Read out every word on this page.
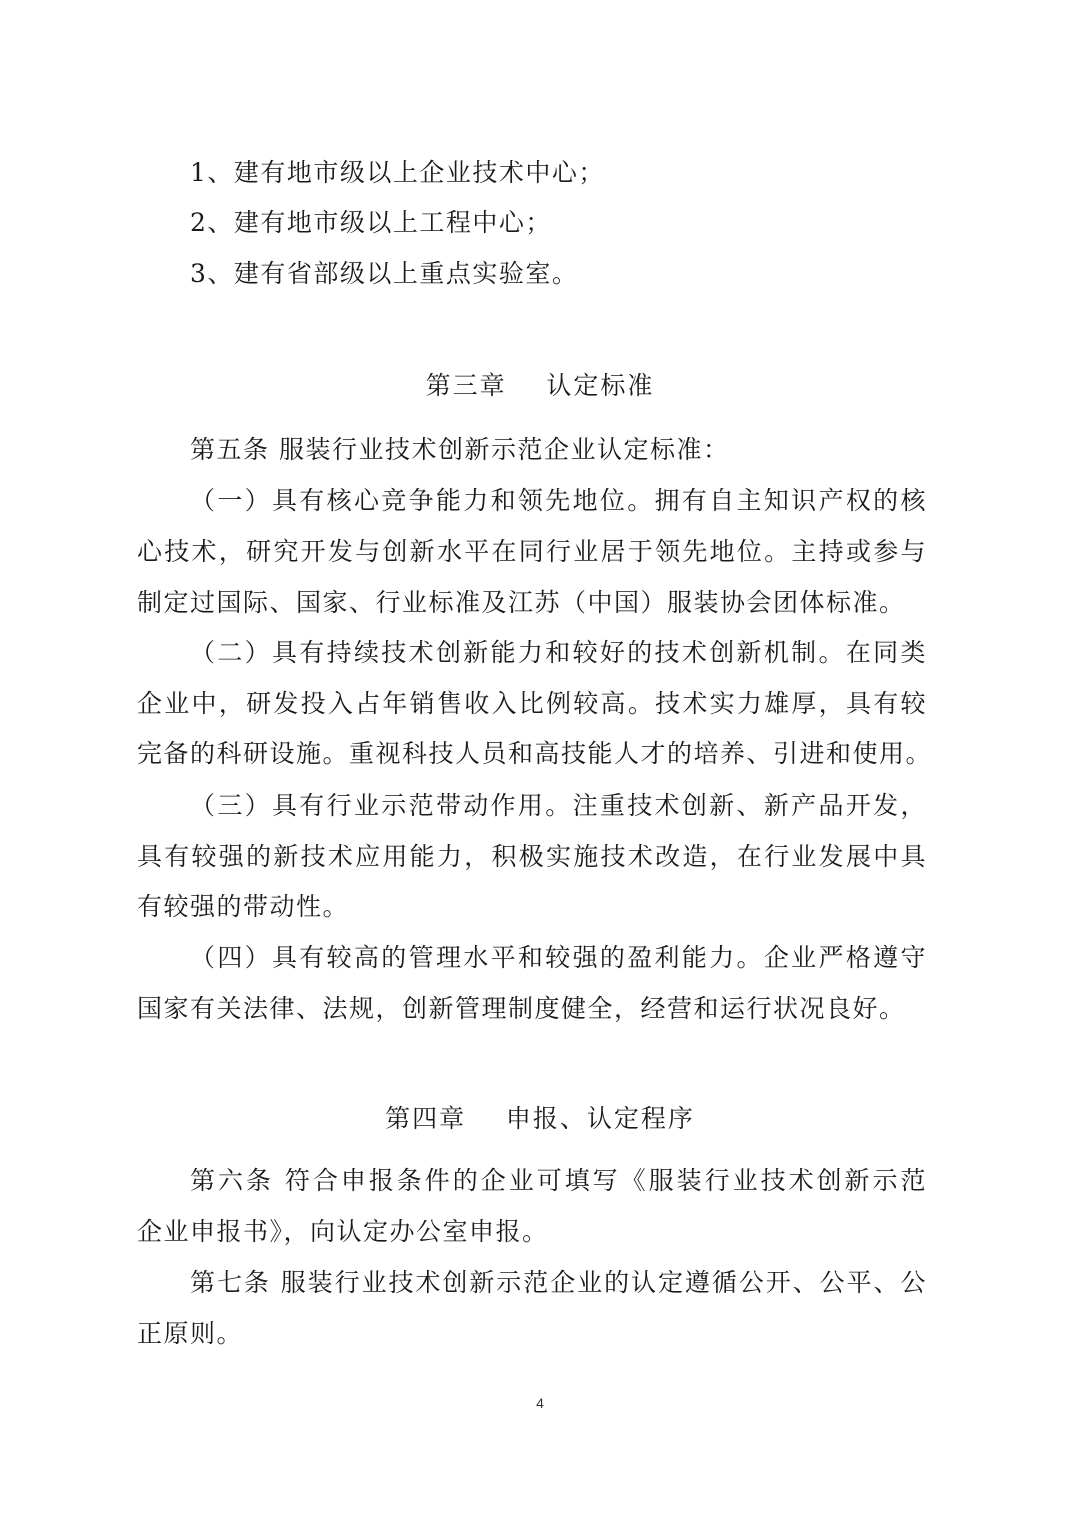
1、建有地市级以上企业技术中心；
2、建有地市级以上工程中心；
3、建有省部级以上重点实验室。
第三章    认定标准
第五条 服装行业技术创新示范企业认定标准：
（一）具有核心竞争能力和领先地位。拥有自主知识产权的核
心技术，研究开发与创新水平在同行业居于领先地位。主持或参与
制定过国际、国家、行业标准及江苏（中国）服装协会团体标准。
（二）具有持续技术创新能力和较好的技术创新机制。在同类
企业中，研发投入占年销售收入比例较高。技术实力雄厚，具有较
完备的科研设施。重视科技人员和高技能人才的培养、引进和使用。
（三）具有行业示范带动作用。注重技术创新、新产品开发，
具有较强的新技术应用能力，积极实施技术改造，在行业发展中具
有较强的带动性。
（四）具有较高的管理水平和较强的盈利能力。企业严格遵守
国家有关法律、法规，创新管理制度健全，经营和运行状况良好。
第四章    申报、认定程序
第六条 符合申报条件的企业可填写《服装行业技术创新示范
企业申报书》，向认定办公室申报。
第七条 服装行业技术创新示范企业的认定遵循公开、公平、公
正原则。
4
